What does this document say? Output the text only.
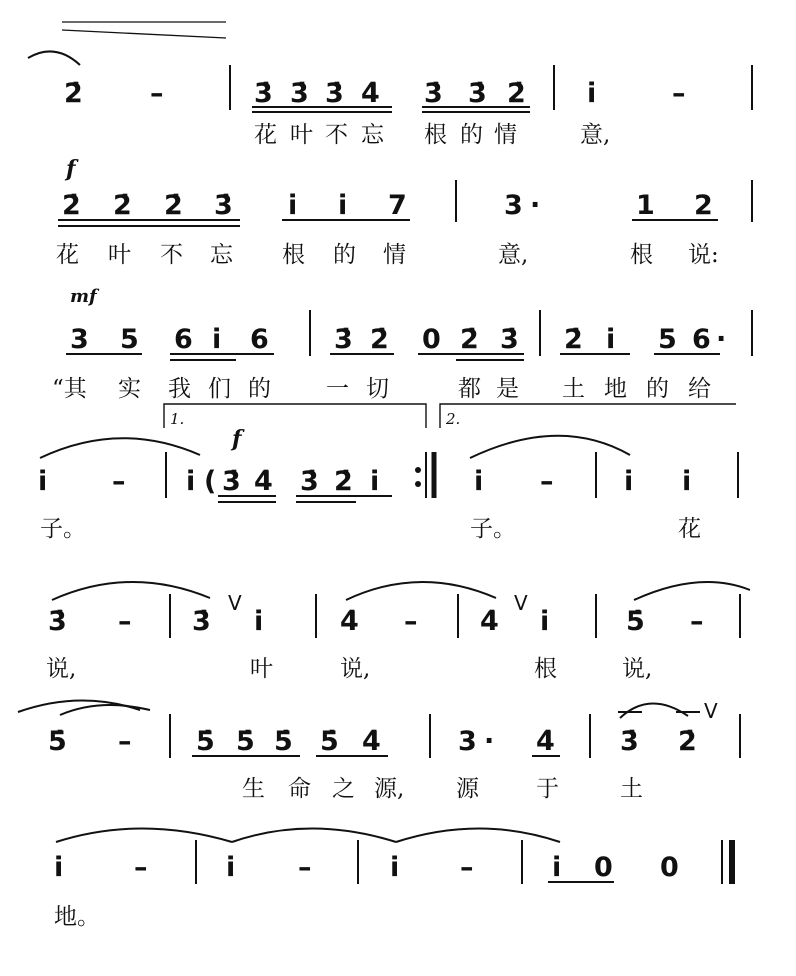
2̇ –	3̇ 3̇ 3̇ 4̇ 3̇ 3̇ 2̇ i	–
花 叶 不 忘 根 的 情	意,
f
2̇ 2̇ 2̇ 3̇ i i 7	3 ·	1 2
花 叶 不 忘 根 的 情	意,	根 说:
mf
3 5 6 i 6 3̇ 2̇ 0 2̇ 3̇ 2̇ i 5 6 ·
“其 实 我 们 的 一 切	都 是 土 地 的 给
1.	2.
f
i – i ( 3̇ 4̇ 3̇ 2̇ i	i –	i i
子。	子。	花
3̇ – 3̇
V
i	4̇ – 4̇
V
i	5̇ –
说,	叶	说,	根	说,
5̇ – 5̇ 5̇ 5̇ 5̇ 4̇	3 · 4̇ 3̇ 2̇
V
生 命 之 源, 源 于	土
i	–	i –	i –	i 0 0
地。
